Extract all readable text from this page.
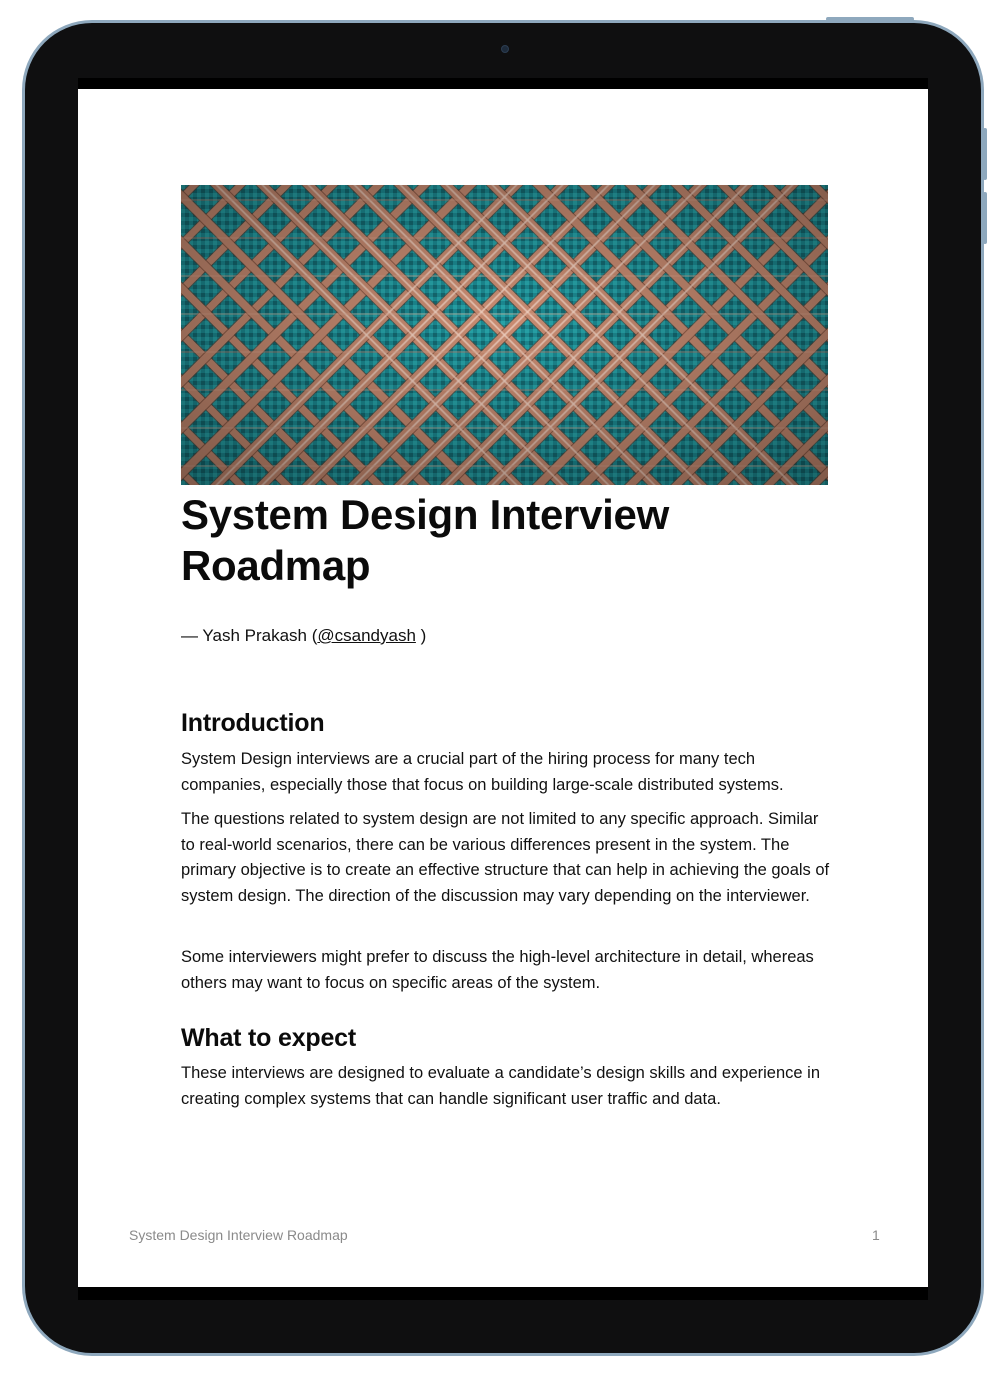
System Design Interview Roadmap

— Yash Prakash (@csandyash )

Introduction

System Design interviews are a crucial part of the hiring process for many tech companies, especially those that focus on building large-scale distributed systems.

The questions related to system design are not limited to any specific approach. Similar to real-world scenarios, there can be various differences present in the system. The primary objective is to create an effective structure that can help in achieving the goals of system design. The direction of the discussion may vary depending on the interviewer.

Some interviewers might prefer to discuss the high-level architecture in detail, whereas others may want to focus on specific areas of the system.

What to expect

These interviews are designed to evaluate a candidate’s design skills and experience in creating complex systems that can handle significant user traffic and data.

System Design Interview Roadmap	1
